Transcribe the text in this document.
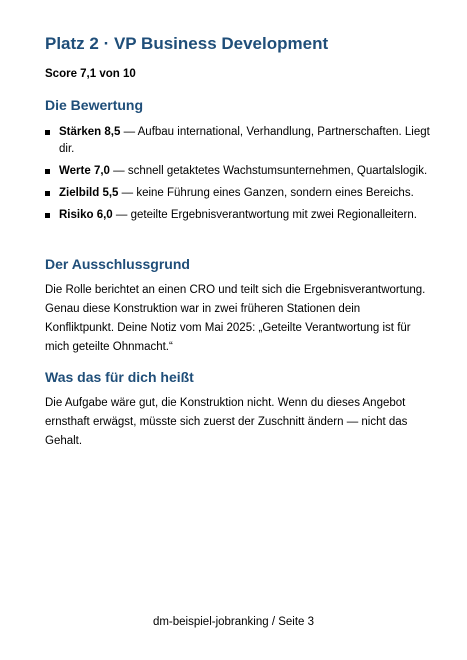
Platz 2 · VP Business Development
Score 7,1 von 10
Die Bewertung
Stärken 8,5 — Aufbau international, Verhandlung, Partnerschaften. Liegt dir.
Werte 7,0 — schnell getaktetes Wachstumsunternehmen, Quartalslogik.
Zielbild 5,5 — keine Führung eines Ganzen, sondern eines Bereichs.
Risiko 6,0 — geteilte Ergebnisverantwortung mit zwei Regionalleitern.
Der Ausschlussgrund

Die Rolle berichtet an einen CRO und teilt sich die Ergebnisverantwortung. Genau diese Konstruktion war in zwei früheren Stationen dein Konfliktpunkt. Deine Notiz vom Mai 2025: „Geteilte Verantwortung ist für mich geteilte Ohnmacht.“

Was das für dich heißt

Die Aufgabe wäre gut, die Konstruktion nicht. Wenn du dieses Angebot ernsthaft erwägst, müsste sich zuerst der Zuschnitt ändern — nicht das Gehalt.

dm-beispiel-jobranking / Seite 3
